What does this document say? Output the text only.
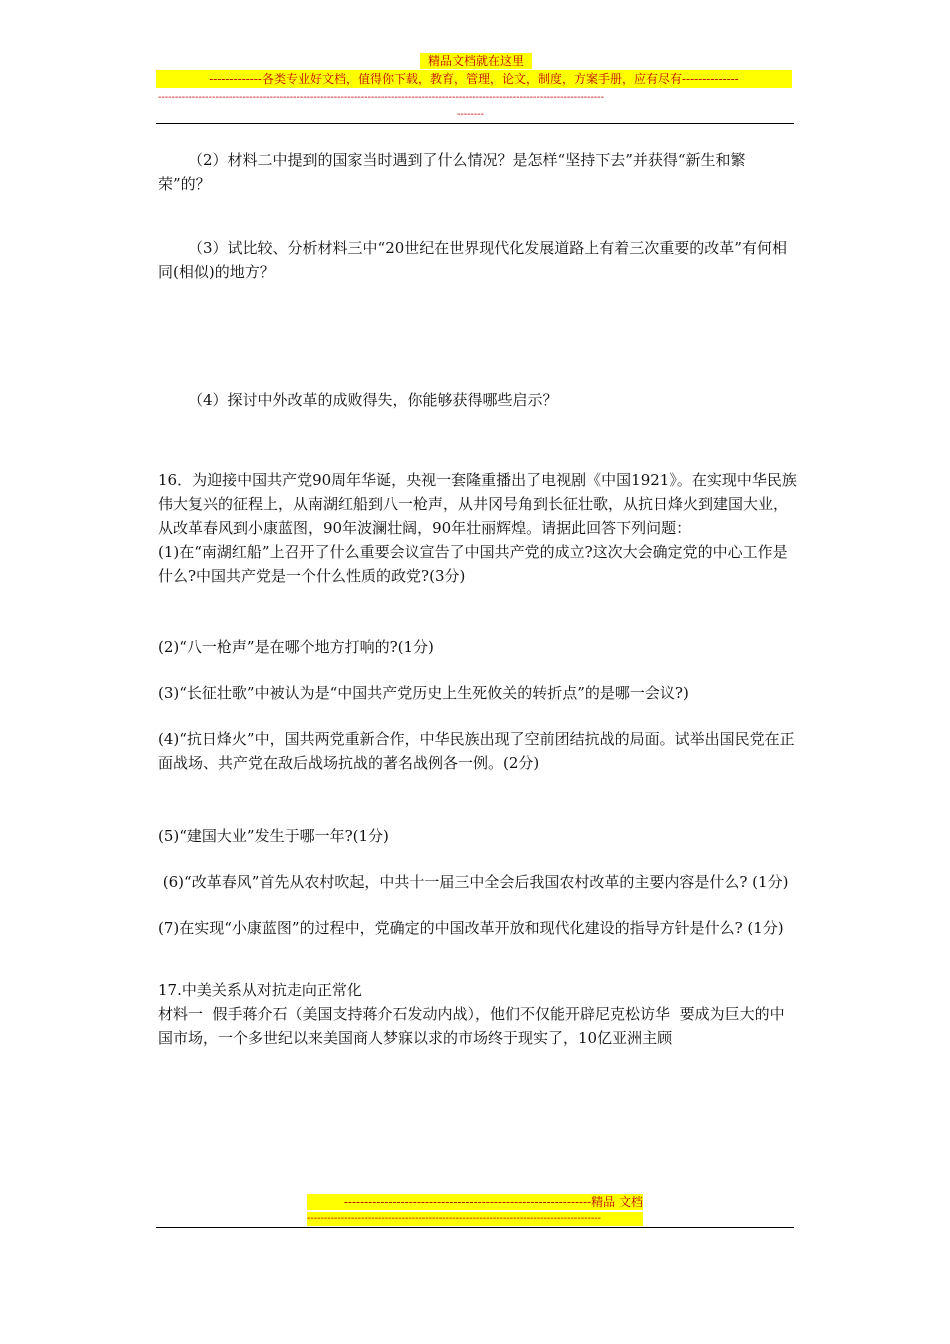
精品文档就在这里
-------------各类专业好文档，值得你下载，教育，管理，论文，制度，方案手册，应有尽有--------------
------------------------------------------------------------------------------------------------------------------------------------
--------

（2）材料二中提到的国家当时遇到了什么情况？是怎样“坚持下去”并获得“新生和繁荣”的？

（3）试比较、分析材料三中“20世纪在世界现代化发展道路上有着三次重要的改革”有何相同(相似)的地方？

（4）探讨中外改革的成败得失，你能够获得哪些启示？

16．为迎接中国共产党90周年华诞，央视一套隆重播出了电视剧《中国1921》。在实现中华民族伟大复兴的征程上，从南湖红船到八一枪声，从井冈号角到长征壮歌，从抗日烽火到建国大业，从改革春风到小康蓝图，90年波澜壮阔，90年壮丽辉煌。请据此回答下列问题：

(1)在“南湖红船”上召开了什么重要会议宣告了中国共产党的成立?这次大会确定党的中心工作是什么?中国共产党是一个什么性质的政党?(3分)

(2)“八一枪声”是在哪个地方打响的?(1分)

(3)“长征壮歌”中被认为是“中国共产党历史上生死攸关的转折点”的是哪一会议?)

(4)“抗日烽火”中，国共两党重新合作，中华民族出现了空前团结抗战的局面。试举出国民党在正面战场、共产党在敌后战场抗战的著名战例各一例。(2分)

(5)“建国大业”发生于哪一年?(1分)

(6)“改革春风”首先从农村吹起，中共十一届三中全会后我国农村改革的主要内容是什么? (1分)

(7)在实现“小康蓝图”的过程中，党确定的中国改革开放和现代化建设的指导方针是什么? (1分)

17.中美关系从对抗走向正常化

材料一  假手蒋介石（美国支持蒋介石发动内战），他们不仅能开辟尼克松访华  要成为巨大的中国市场，一个多世纪以来美国商人梦寐以求的市场终于现实了，10亿亚洲主顾

-------------------------------------------------------------精品 文档
---------------------------------------------------------------------------------------
